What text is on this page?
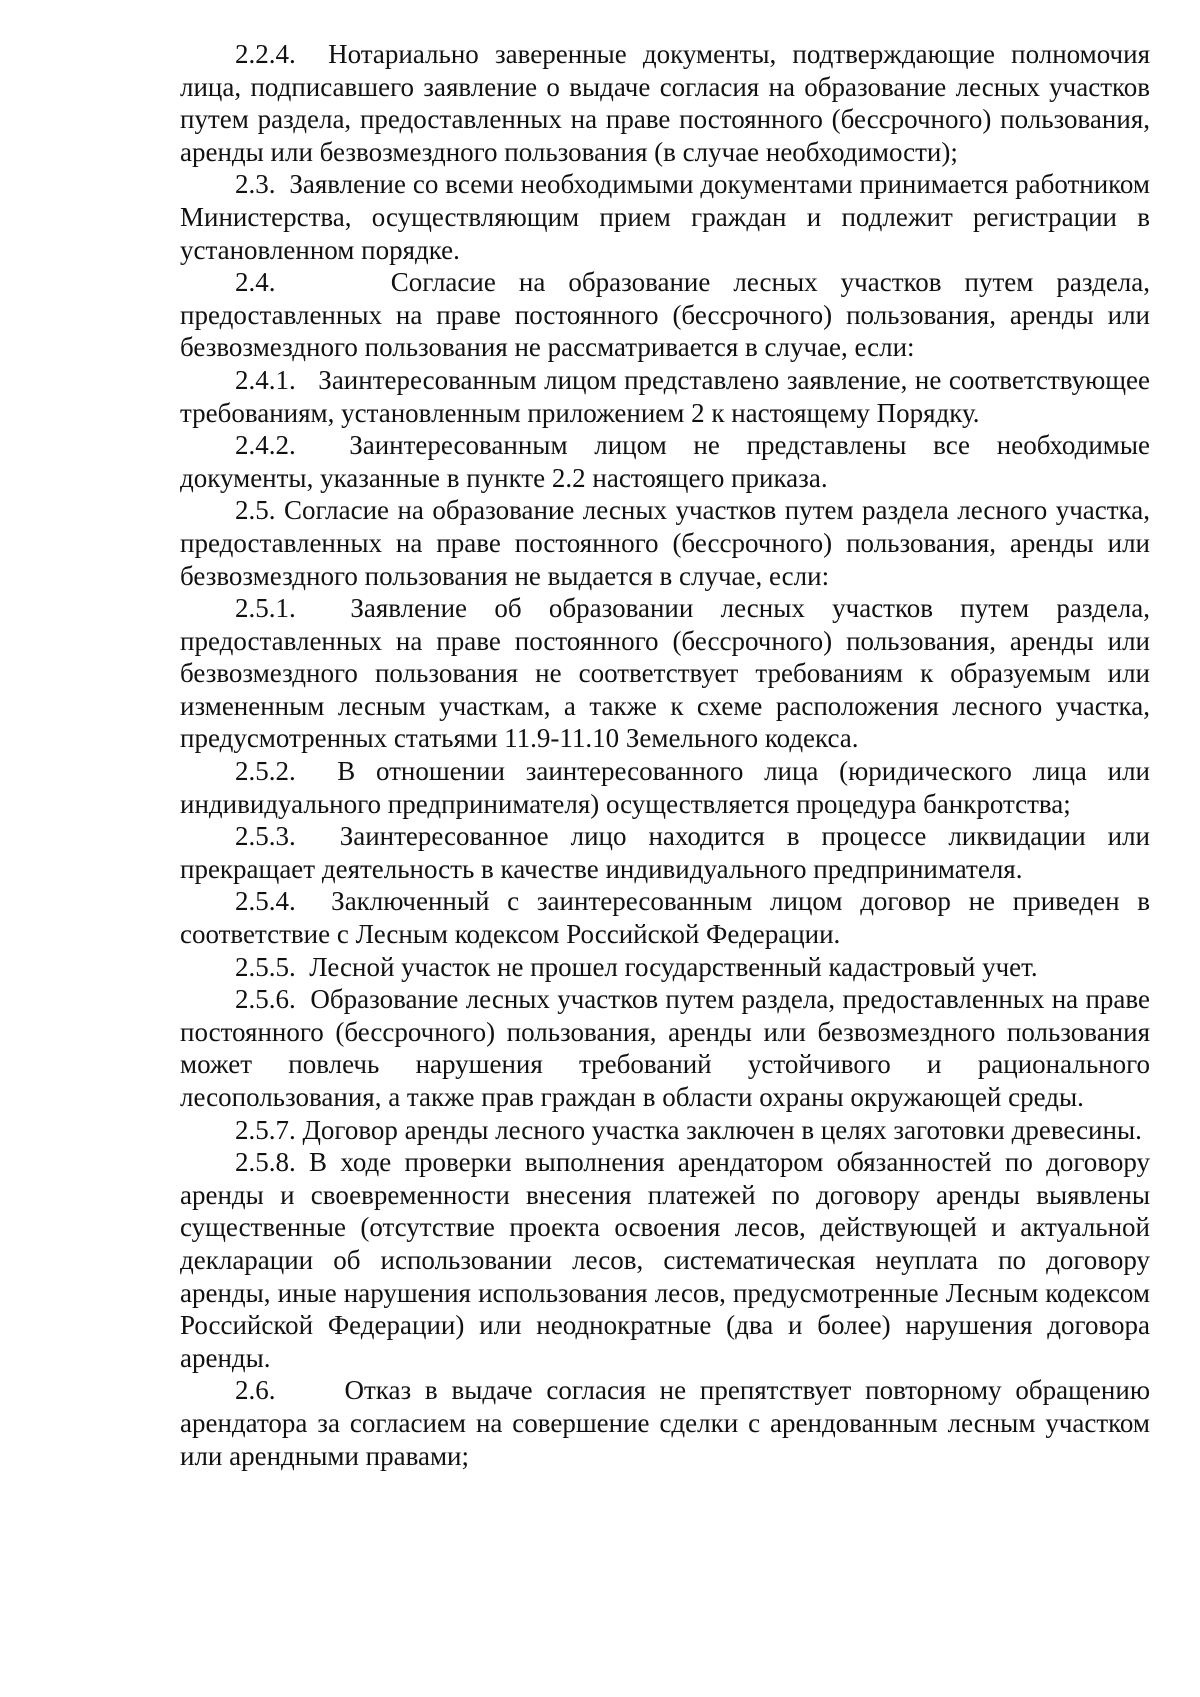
2.2.4.  Нотариально заверенные документы, подтверждающие полномочия лица, подписавшего заявление о выдаче согласия на образование лесных участков путем раздела, предоставленных на праве постоянного (бессрочного) пользования, аренды или безвозмездного пользования (в случае необходимости);

2.3.  Заявление со всеми необходимыми документами принимается работником Министерства, осуществляющим прием граждан и подлежит регистрации в установленном порядке.

2.4.     Согласие на образование лесных участков путем раздела, предоставленных на праве постоянного (бессрочного) пользования, аренды или безвозмездного пользования не рассматривается в случае, если:

2.4.1.   Заинтересованным лицом представлено заявление, не соответствующее требованиям, установленным приложением 2 к настоящему Порядку.

2.4.2.  Заинтересованным лицом не представлены все необходимые документы, указанные в пункте 2.2 настоящего приказа.

2.5. Согласие на образование лесных участков путем раздела лесного участка, предоставленных на праве постоянного (бессрочного) пользования, аренды или безвозмездного пользования не выдается в случае, если:

2.5.1.  Заявление об образовании лесных участков путем раздела, предоставленных на праве постоянного (бессрочного) пользования, аренды или безвозмездного пользования не соответствует требованиям к образуемым или измененным лесным участкам, а также к схеме расположения лесного участка, предусмотренных статьями 11.9-11.10 Земельного кодекса.

2.5.2.  В отношении заинтересованного лица (юридического лица или индивидуального предпринимателя) осуществляется процедура банкротства;

2.5.3.  Заинтересованное лицо находится в процессе ликвидации или прекращает деятельность в качестве индивидуального предпринимателя.

2.5.4.  Заключенный с заинтересованным лицом договор не приведен в соответствие с Лесным кодексом Российской Федерации.

2.5.5.  Лесной участок не прошел государственный кадастровый учет.

2.5.6.  Образование лесных участков путем раздела, предоставленных на праве постоянного (бессрочного) пользования, аренды или безвозмездного пользования может повлечь нарушения требований устойчивого и рационального лесопользования, а также прав граждан в области охраны окружающей среды.

2.5.7. Договор аренды лесного участка заключен в целях заготовки древесины.

2.5.8. В ходе проверки выполнения арендатором обязанностей по договору аренды и своевременности внесения платежей по договору аренды выявлены существенные (отсутствие проекта освоения лесов, действующей и актуальной декларации об использовании лесов, систематическая неуплата по договору аренды, иные нарушения использования лесов, предусмотренные Лесным кодексом Российской Федерации) или неоднократные (два и более) нарушения договора аренды.

2.6.     Отказ в выдаче согласия не препятствует повторному обращению арендатора за согласием на совершение сделки с арендованным лесным участком или арендными правами;
